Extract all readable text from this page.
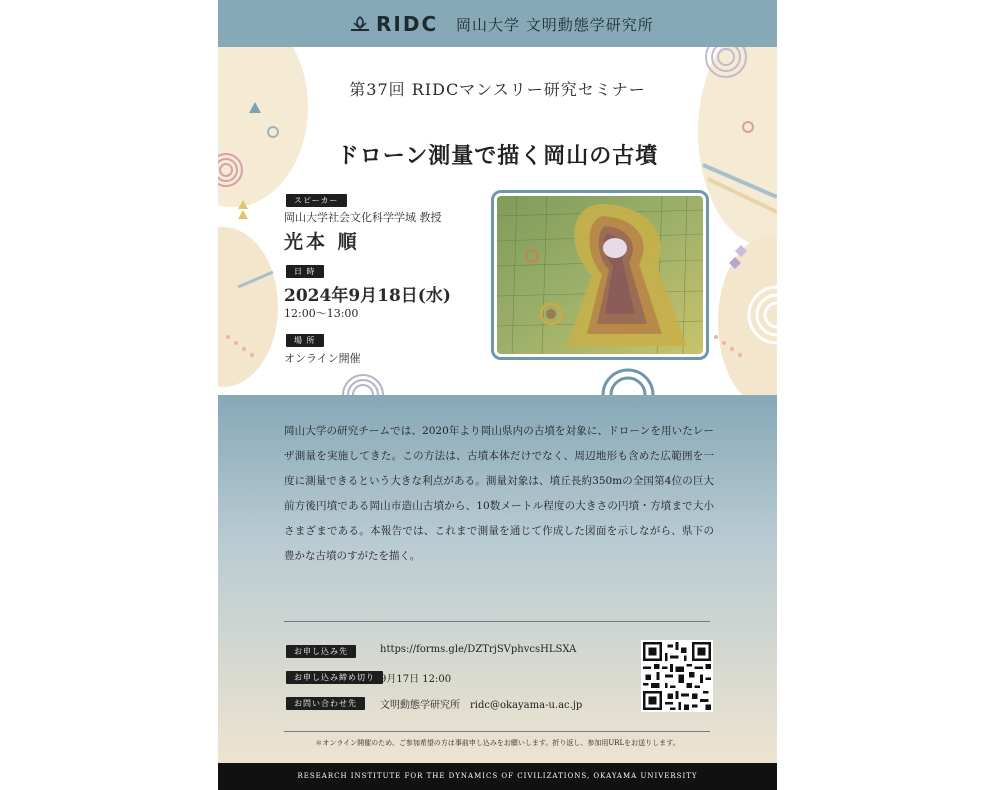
RIDC 岡山大学 文明動態学研究所
第37回 RIDCマンスリー研究セミナー
ドローン測量で描く岡山の古墳
スピーカー
岡山大学社会文化科学学域 教授
光本 順
日 時
2024年9月18日(水)
12:00～13:00
場 所
オンライン開催
岡山大学の研究チームでは、2020年より岡山県内の古墳を対象に、ドローンを用いたレーザ測量を実施してきた。この方法は、古墳本体だけでなく、周辺地形も含めた広範囲を一度に測量できるという大きな利点がある。測量対象は、墳丘長約350mの全国第4位の巨大前方後円墳である岡山市造山古墳から、10数メートル程度の大きさの円墳・方墳まで大小さまざまである。本報告では、これまで測量を通じて作成した図面を示しながら、県下の豊かな古墳のすがたを描く。
お申し込み先	https://forms.gle/DZTrjSVphvcsHLSXA
お申し込み締め切り 9月17日 12:00
お問い合わせ先	文明動態学研究所　ridc@okayama-u.ac.jp
＊オンライン開催のため、ご参加希望の方は事前申し込みをお願いします。折り返し、参加用URLをお送りします。
RESEARCH INSTITUTE FOR THE DYNAMICS OF CIVILIZATIONS, OKAYAMA UNIVERSITY
